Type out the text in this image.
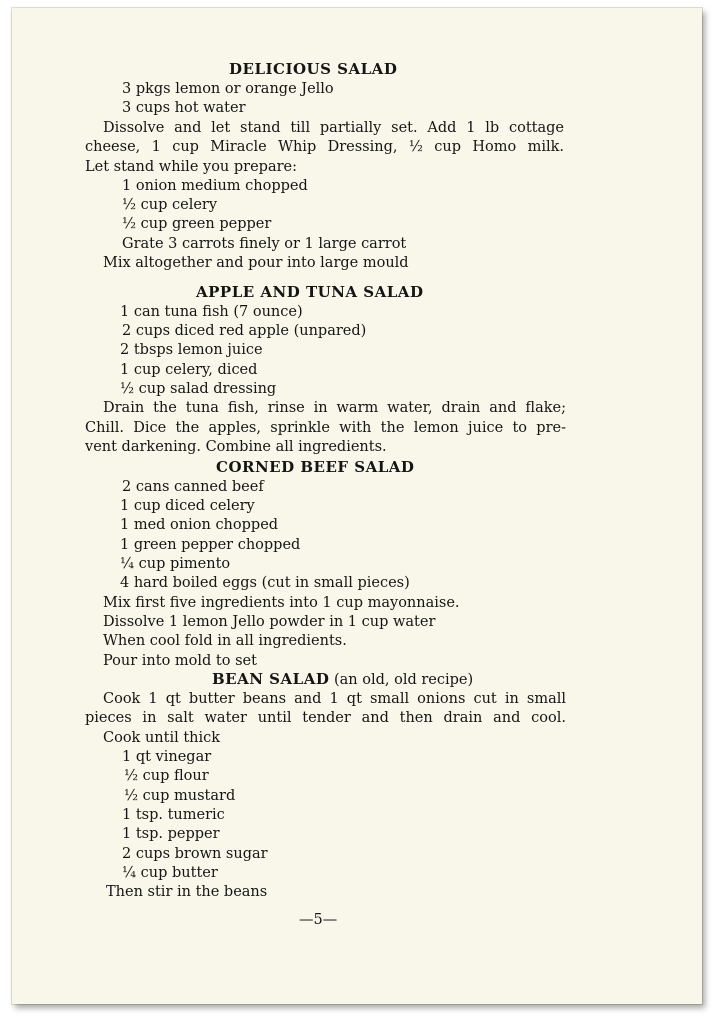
DELICIOUS SALAD
3 pkgs lemon or orange Jello
3 cups hot water
Dissolve and let stand till partially set. Add 1 lb cottage
cheese, 1 cup Miracle Whip Dressing, ½ cup Homo milk.
Let stand while you prepare:
1 onion medium chopped
½ cup celery
½ cup green pepper
Grate 3 carrots finely or 1 large carrot
Mix altogether and pour into large mould
APPLE AND TUNA SALAD
1 can tuna fish (7 ounce)
2 cups diced red apple (unpared)
2 tbsps lemon juice
1 cup celery, diced
½ cup salad dressing
Drain the tuna fish, rinse in warm water, drain and flake;
Chill. Dice the apples, sprinkle with the lemon juice to pre-
vent darkening. Combine all ingredients.
CORNED BEEF SALAD
2 cans canned beef
1 cup diced celery
1 med onion chopped
1 green pepper chopped
¼ cup pimento
4 hard boiled eggs (cut in small pieces)
Mix first five ingredients into 1 cup mayonnaise.
Dissolve 1 lemon Jello powder in 1 cup water
When cool fold in all ingredients.
Pour into mold to set
BEAN SALAD (an old, old recipe)
Cook 1 qt butter beans and 1 qt small onions cut in small
pieces in salt water until tender and then drain and cool.
Cook until thick
1 qt vinegar
½ cup flour
½ cup mustard
1 tsp. tumeric
1 tsp. pepper
2 cups brown sugar
¼ cup butter
Then stir in the beans
—5—
